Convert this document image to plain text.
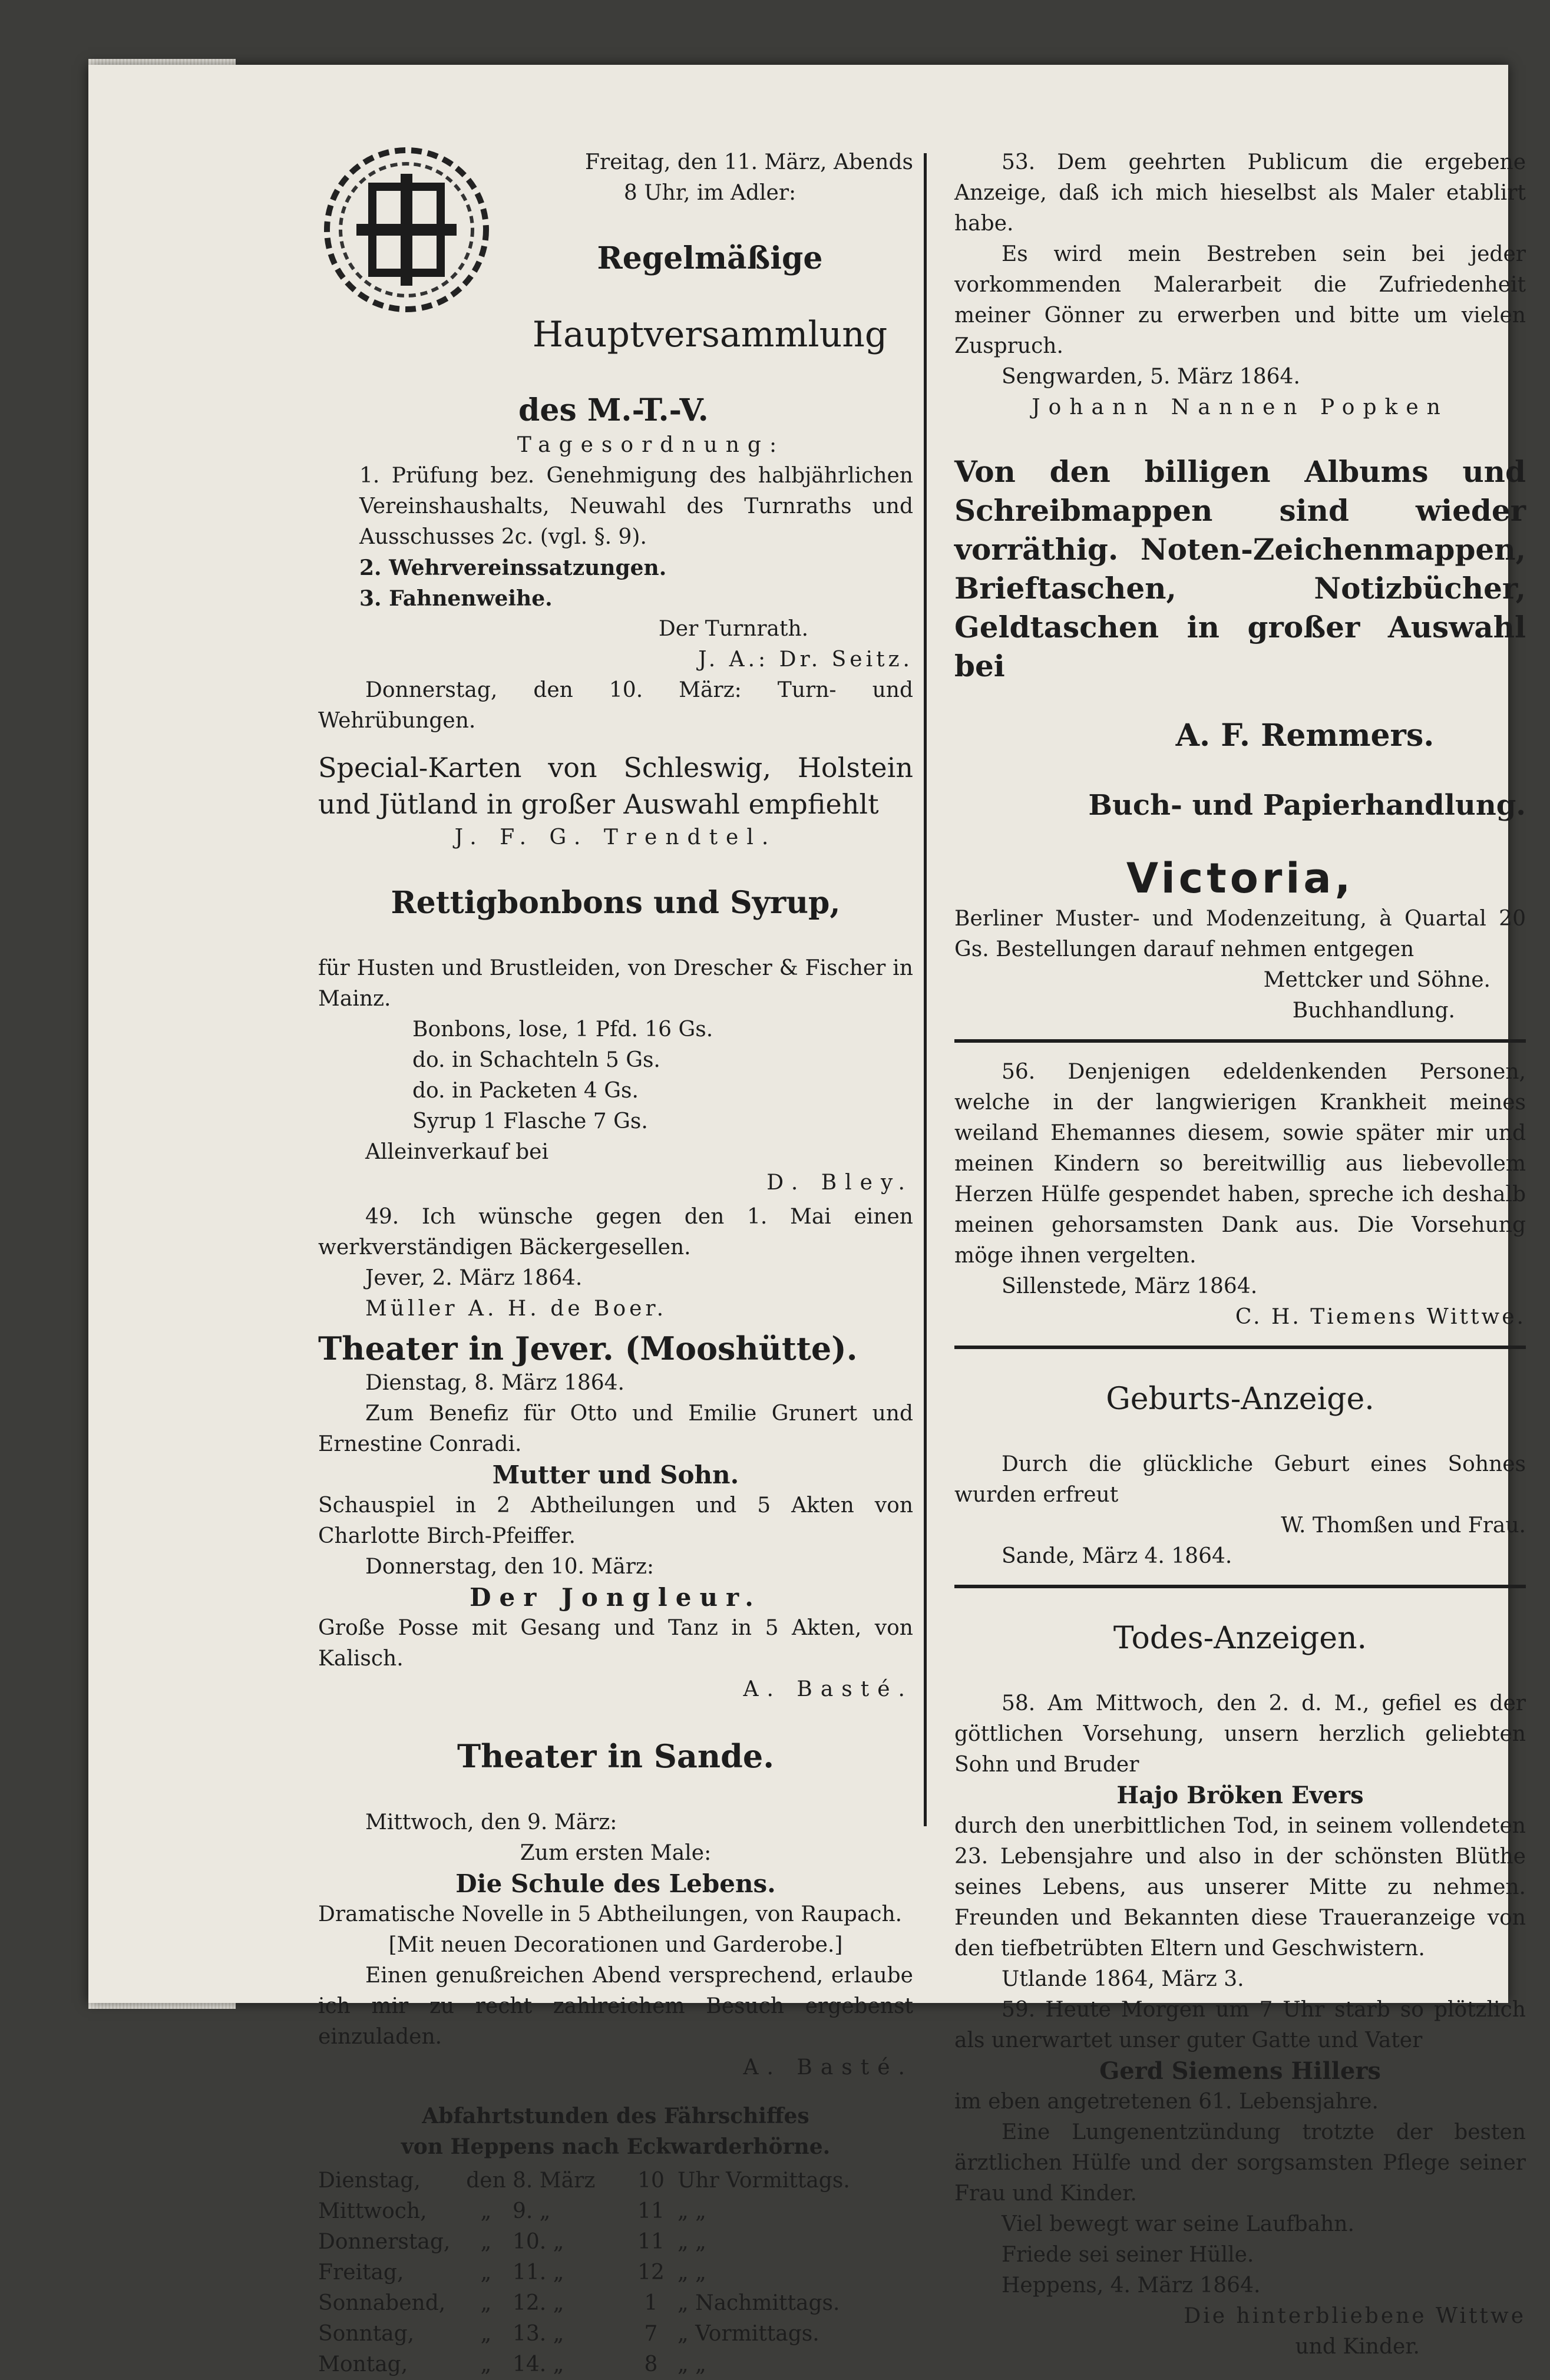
FFFF

Freitag, den 11. März, Abends

8 Uhr, im Adler:

Regelmäßige

Hauptversammlung

des M.-T.-V.

Tagesordnung:

1. Prüfung bez. Genehmigung des halbjährlichen Vereinshaushalts, Neuwahl des Turnraths und Ausschusses 2c. (vgl. §. 9).

2. Wehrvereinssatzungen.

3. Fahnenweihe.

Der Turnrath.

J. A.: Dr. Seitz.

Donnerstag, den 10. März: Turn- und Wehrübungen.

Special-Karten von Schleswig, Holstein und Jütland in großer Auswahl empfiehlt

J. F. G. Trendtel.

Rettigbonbons und Syrup,

für Husten und Brustleiden, von Drescher & Fischer in Mainz.

Bonbons, lose, 1 Pfd. 16 Gs.

do. in Schachteln 5 Gs.

do. in Packeten 4 Gs.

Syrup 1 Flasche 7 Gs.

Alleinverkauf bei

D. Bley.

49. Ich wünsche gegen den 1. Mai einen werkverständigen Bäckergesellen.

Jever, 2. März 1864.

Müller A. H. de Boer.

Theater in Jever. (Mooshütte).

Dienstag, 8. März 1864.

Zum Benefiz für Otto und Emilie Grunert und Ernestine Conradi.

Mutter und Sohn.

Schauspiel in 2 Abtheilungen und 5 Akten von Charlotte Birch-Pfeiffer.

Donnerstag, den 10. März:

Der Jongleur.

Große Posse mit Gesang und Tanz in 5 Akten, von Kalisch.

A. Basté.

Theater in Sande.

Mittwoch, den 9. März:

Zum ersten Male:

Die Schule des Lebens.

Dramatische Novelle in 5 Abtheilungen, von Raupach.

[Mit neuen Decorationen und Garderobe.]

Einen genußreichen Abend versprechend, erlaube ich mir zu recht zahlreichem Besuch ergebenst einzuladen.

A. Basté.

Abfahrtstunden des Fährschiffes

von Heppens nach Eckwarderhörne.

Dienstag,	den	8. März	10	Uhr Vormittags.
Mittwoch,	„	9. „	11	„ „
Donnerstag,	„	10. „	11	„ „
Freitag,	„	11. „	12	„ „
Sonnabend,	„	12. „	1	„ Nachmittags.
Sonntag,	„	13. „	7	„ Vormittags.
Montag,	„	14. „	8	„ „

53. Dem geehrten Publicum die ergebene Anzeige, daß ich mich hieselbst als Maler etablirt habe.

Es wird mein Bestreben sein bei jeder vorkommenden Malerarbeit die Zufriedenheit meiner Gönner zu erwerben und bitte um vielen Zuspruch.

Sengwarden, 5. März 1864.

Johann Nannen Popken

Von den billigen Albums und Schreibmappen sind wieder vorräthig. Noten-Zeichenmappen, Brieftaschen, Notizbücher, Geldtaschen in großer Auswahl bei

A. F. Remmers.

Buch- und Papierhandlung.

Victoria,

Berliner Muster- und Modenzeitung, à Quartal 20 Gs. Bestellungen darauf nehmen entgegen

Mettcker und Söhne.

Buchhandlung.

56. Denjenigen edeldenkenden Personen, welche in der langwierigen Krankheit meines weiland Ehemannes diesem, sowie später mir und meinen Kindern so bereitwillig aus liebevollem Herzen Hülfe gespendet haben, spreche ich deshalb meinen gehorsamsten Dank aus. Die Vorsehung möge ihnen vergelten.

Sillenstede, März 1864.

C. H. Tiemens Wittwe.

Geburts-Anzeige.

Durch die glückliche Geburt eines Sohnes wurden erfreut

W. Thomßen und Frau.

Sande, März 4. 1864.

Todes-Anzeigen.

58. Am Mittwoch, den 2. d. M., gefiel es der göttlichen Vorsehung, unsern herzlich geliebten Sohn und Bruder

Hajo Bröken Evers

durch den unerbittlichen Tod, in seinem vollendeten 23. Lebensjahre und also in der schönsten Blüthe seines Lebens, aus unserer Mitte zu nehmen. Freunden und Bekannten diese Traueranzeige von den tiefbetrübten Eltern und Geschwistern.

Utlande 1864, März 3.

59. Heute Morgen um 7 Uhr starb so plötzlich als unerwartet unser guter Gatte und Vater

Gerd Siemens Hillers

im eben angetretenen 61. Lebensjahre.

Eine Lungenentzündung trotzte der besten ärztlichen Hülfe und der sorgsamsten Pflege seiner Frau und Kinder.

Viel bewegt war seine Laufbahn.

Friede sei seiner Hülle.

Heppens, 4. März 1864.

Die hinterbliebene Wittwe

und Kinder.
